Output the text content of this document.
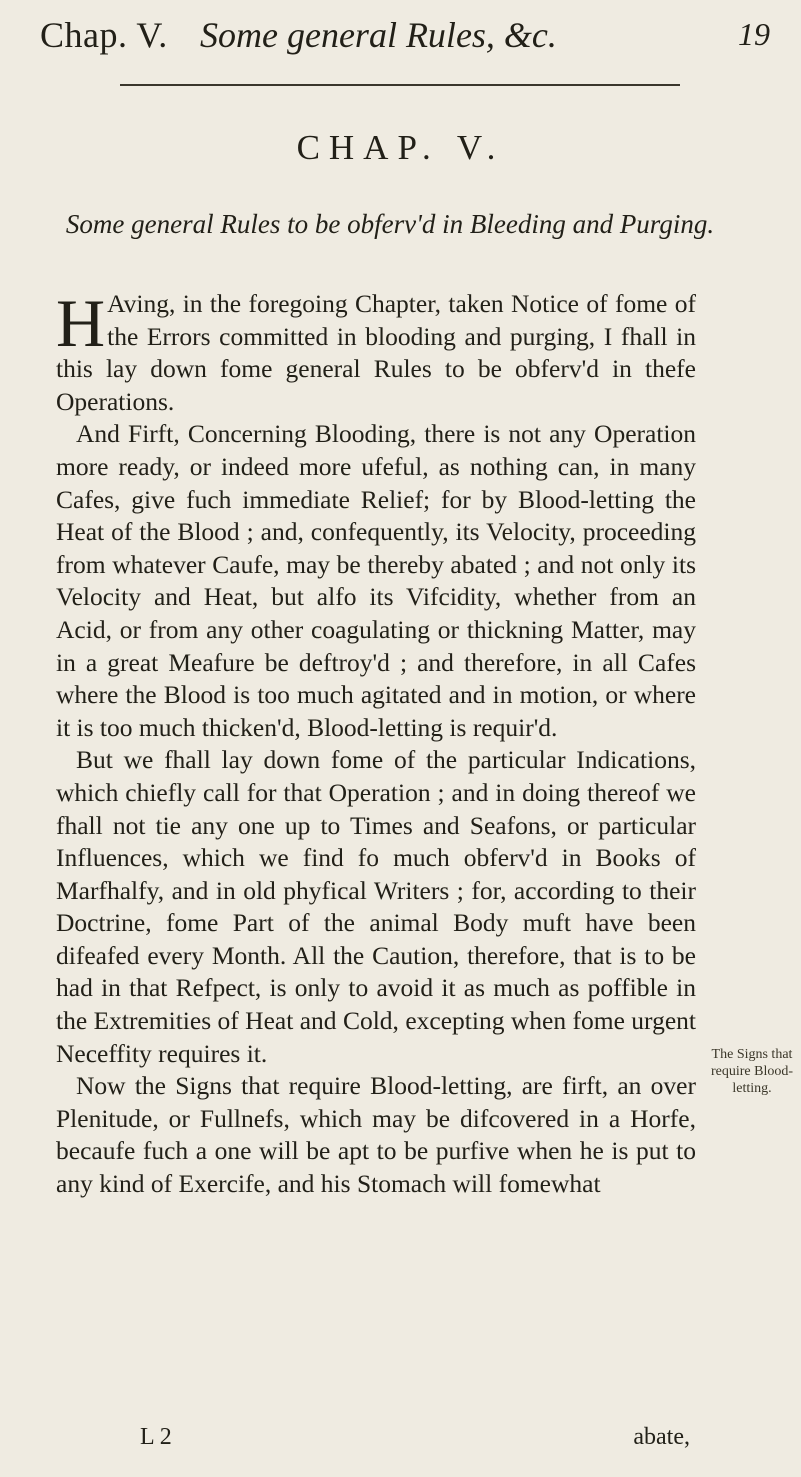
Chap. V. Some general Rules, &c.	19
CHAP. V.
Some general Rules to be obferv'd in Bleeding and Purging.

H Aving, in the foregoing Chapter, taken Notice of fome of the Errors committed in blooding and purging, I fhall in this lay down fome general Rules to be obferv'd in thefe Operations.

And Firft, Concerning Blooding, there is not any Operation more ready, or indeed more ufeful, as nothing can, in many Cafes, give fuch immediate Relief; for by Blood-letting the Heat of the Blood ; and, confequently, its Velocity, proceeding from whatever Caufe, may be thereby abated ; and not only its Velocity and Heat, but alfo its Vifcidity, whether from an Acid, or from any other coagulating or thickning Matter, may in a great Meafure be deftroy'd ; and therefore, in all Cafes where the Blood is too much agitated and in motion, or where it is too much thicken'd, Blood-letting is requir'd.

But we fhall lay down fome of the particular Indications, which chiefly call for that Operation ; and in doing thereof we fhall not tie any one up to Times and Seafons, or particular Influences, which we find fo much obferv'd in Books of Marfhalfy, and in old phyfical Writers ; for, according to their Doctrine, fome Part of the animal Body muft have been difeafed every Month. All the Caution, therefore, that is to be had in that Refpect, is only to avoid it as much as poffible in the Extremities of Heat and Cold, excepting when fome urgent Neceffity requires it.

Now the Signs that require Blood-letting, are firft, an over Plenitude, or Fullnefs, which may be difcovered in a Horfe, becaufe fuch a one will be apt to be purfive when he is put to any kind of Exercife, and his Stomach will fomewhat

The Signs that require Blood-letting.
L 2	abate,
